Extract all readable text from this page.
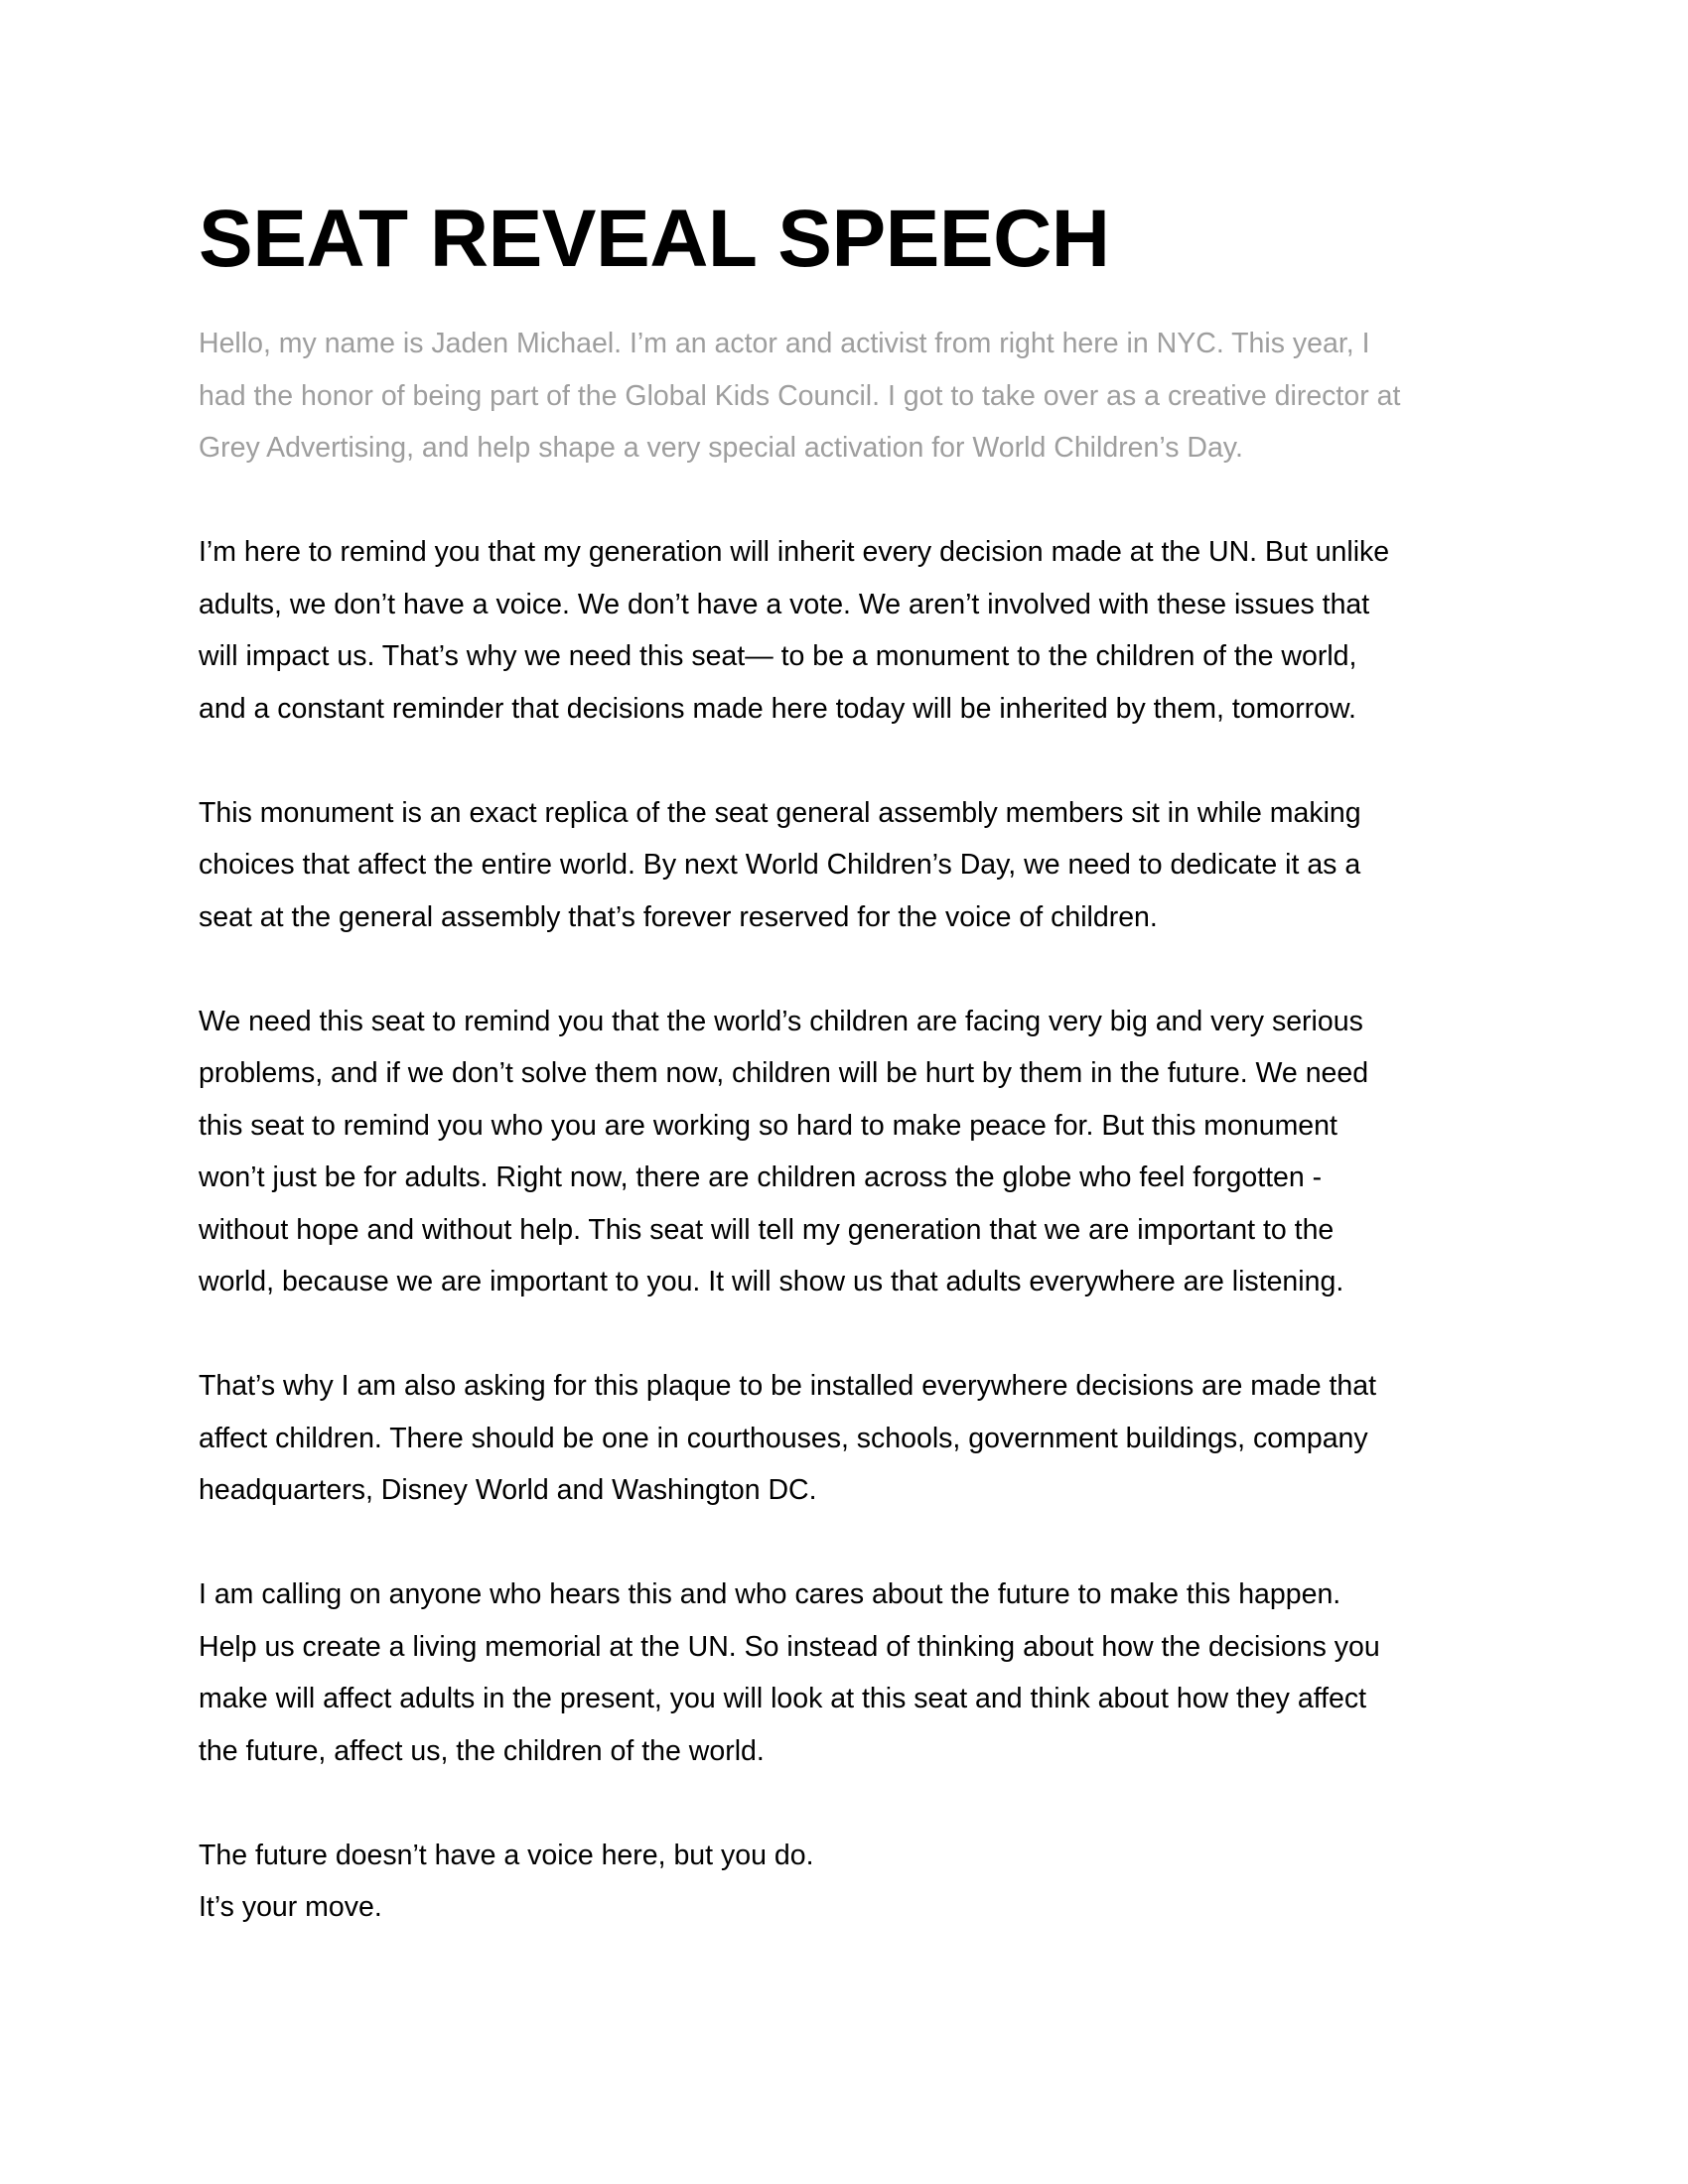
SEAT REVEAL SPEECH

Hello, my name is Jaden Michael. I’m an actor and activist from right here in NYC. This year, I
had the honor of being part of the Global Kids Council. I got to take over as a creative director at
Grey Advertising, and help shape a very special activation for World Children’s Day.

I’m here to remind you that my generation will inherit every decision made at the UN. But unlike
adults, we don’t have a voice. We don’t have a vote. We aren’t involved with these issues that
will impact us. That’s why we need this seat— to be a monument to the children of the world,
and a constant reminder that decisions made here today will be inherited by them, tomorrow.

This monument is an exact replica of the seat general assembly members sit in while making
choices that affect the entire world. By next World Children’s Day, we need to dedicate it as a
seat at the general assembly that’s forever reserved for the voice of children.

We need this seat to remind you that the world’s children are facing very big and very serious
problems, and if we don’t solve them now, children will be hurt by them in the future. We need
this seat to remind you who you are working so hard to make peace for. But this monument
won’t just be for adults. Right now, there are children across the globe who feel forgotten -
without hope and without help. This seat will tell my generation that we are important to the
world, because we are important to you. It will show us that adults everywhere are listening.

That’s why I am also asking for this plaque to be installed everywhere decisions are made that
affect children. There should be one in courthouses, schools, government buildings, company
headquarters, Disney World and Washington DC.

I am calling on anyone who hears this and who cares about the future to make this happen.
Help us create a living memorial at the UN. So instead of thinking about how the decisions you
make will affect adults in the present, you will look at this seat and think about how they affect
the future, affect us, the children of the world.

The future doesn’t have a voice here, but you do.
It’s your move.
